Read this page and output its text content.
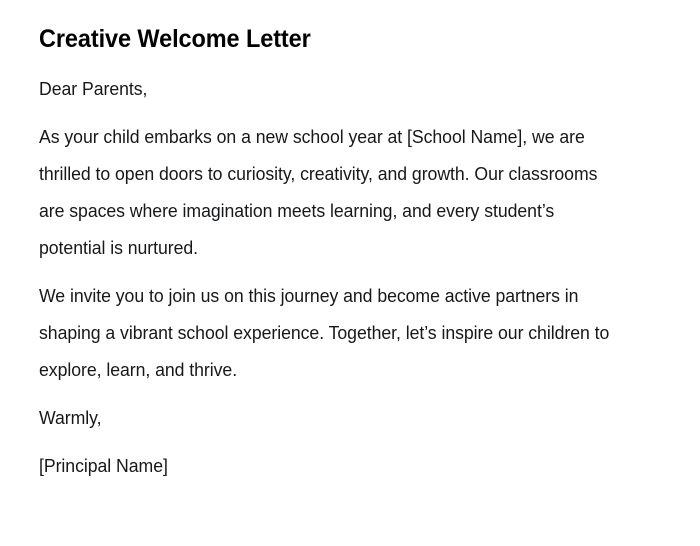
Creative Welcome Letter

Dear Parents,

As your child embarks on a new school year at [School Name], we are thrilled to open doors to curiosity, creativity, and growth. Our classrooms are spaces where imagination meets learning, and every student’s potential is nurtured.

We invite you to join us on this journey and become active partners in shaping a vibrant school experience. Together, let’s inspire our children to explore, learn, and thrive.

Warmly,

[Principal Name]
